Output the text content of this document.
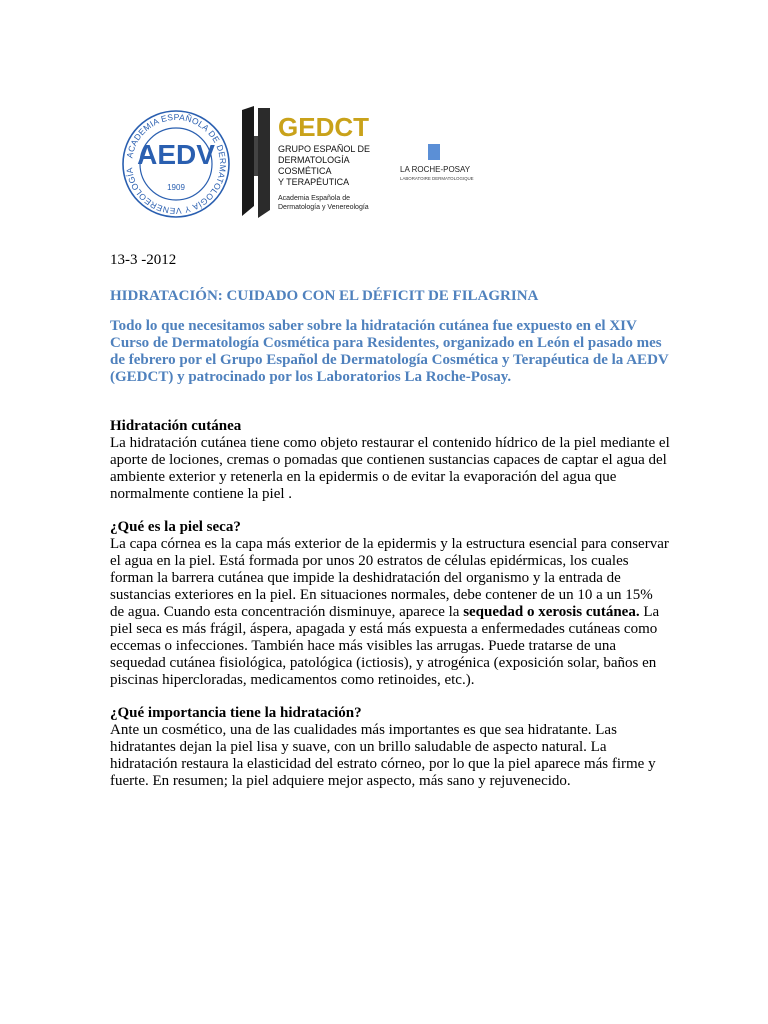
ACADEMIA ESPAÑOLA DE DERMATOLOGÍA Y VENEREOLOGÍA
AEDV
1909
GEDCT
GRUPO ESPAÑOL DE
DERMATOLOGÍA
COSMÉTICA
Y TERAPÉUTICA
Academia Española de
Dermatología y Venereología
LA ROCHE-POSAY
LABORATOIRE DERMATOLOGIQUE

13-3 -2012

HIDRATACIÓN: CUIDADO CON EL DÉFICIT DE FILAGRINA

Todo lo que necesitamos saber sobre la hidratación cutánea fue expuesto en el XIV Curso de Dermatología Cosmética para Residentes, organizado en León el pasado mes de febrero por el Grupo Español de Dermatología Cosmética y Terapéutica de la AEDV (GEDCT) y patrocinado por los Laboratorios La Roche-Posay.

Hidratación cutánea

La hidratación cutánea tiene como objeto restaurar el contenido hídrico de la piel mediante el aporte de lociones, cremas o pomadas que contienen sustancias capaces de captar el agua del ambiente exterior y retenerla en la epidermis o de evitar la evaporación del agua que normalmente contiene la piel .

¿Qué es la piel seca?

La capa córnea es la capa más exterior de la epidermis y la estructura esencial para conservar el agua en la piel. Está formada por unos 20 estratos de células epidérmicas, los cuales forman la barrera cutánea que impide la deshidratación del organismo y la entrada de sustancias exteriores en la piel. En situaciones normales, debe contener de un 10 a un 15% de agua. Cuando esta concentración disminuye, aparece la sequedad o xerosis cutánea. La piel seca es más frágil, áspera, apagada y está más expuesta a enfermedades cutáneas como eccemas o infecciones. También hace más visibles las arrugas. Puede tratarse de una sequedad cutánea fisiológica, patológica (ictiosis), y atrogénica (exposición solar, baños en piscinas hipercloradas, medicamentos como retinoides, etc.).

¿Qué importancia tiene la hidratación?

Ante un cosmético, una de las cualidades más importantes es que sea hidratante. Las hidratantes dejan la piel lisa y suave, con un brillo saludable de aspecto natural. La hidratación restaura la elasticidad del estrato córneo, por lo que la piel aparece más firme y fuerte. En resumen; la piel adquiere mejor aspecto, más sano y rejuvenecido.
